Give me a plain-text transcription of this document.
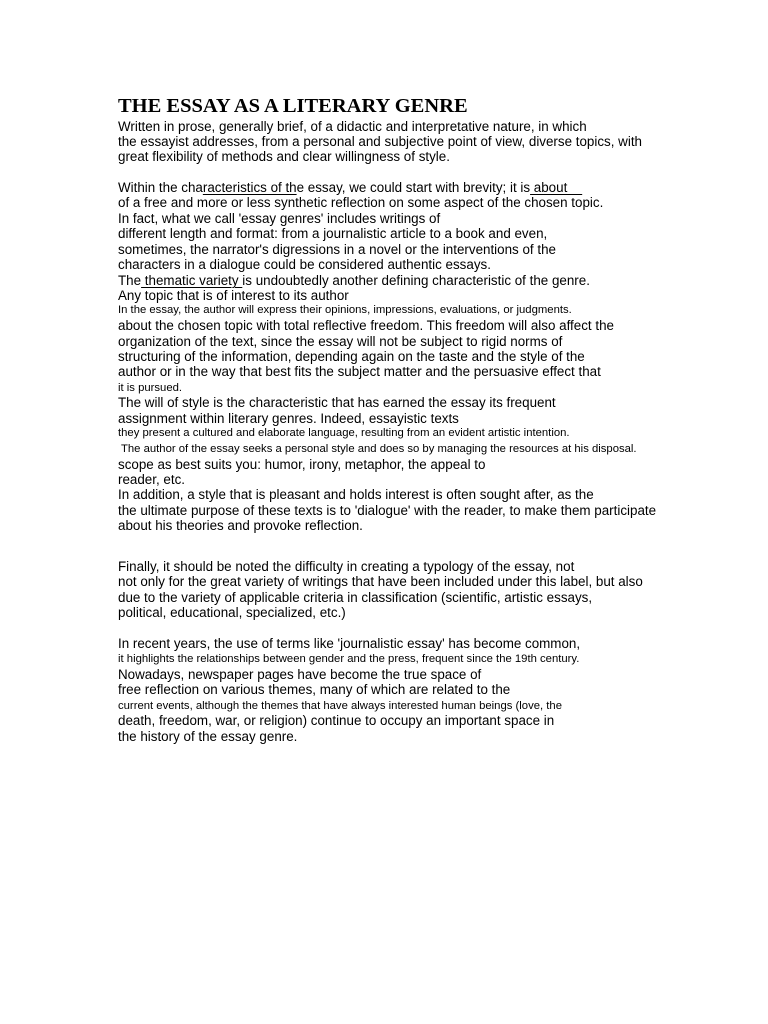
THE ESSAY AS A LITERARY GENRE
Written in prose, generally brief, of a didactic and interpretative nature, in which
the essayist addresses, from a personal and subjective point of view, diverse topics, with
great flexibility of methods and clear willingness of style.
Within the characteristics of the essay, we could start with brevity; it is about
of a free and more or less synthetic reflection on some aspect of the chosen topic.
In fact, what we call 'essay genres' includes writings of
different length and format: from a journalistic article to a book and even,
sometimes, the narrator's digressions in a novel or the interventions of the
characters in a dialogue could be considered authentic essays.
The thematic variety is undoubtedly another defining characteristic of the genre.
Any topic that is of interest to its author
In the essay, the author will express their opinions, impressions, evaluations, or judgments.
about the chosen topic with total reflective freedom. This freedom will also affect the
organization of the text, since the essay will not be subject to rigid norms of
structuring of the information, depending again on the taste and the style of the
author or in the way that best fits the subject matter and the persuasive effect that
it is pursued.
The will of style is the characteristic that has earned the essay its frequent
assignment within literary genres. Indeed, essayistic texts
they present a cultured and elaborate language, resulting from an evident artistic intention.
The author of the essay seeks a personal style and does so by managing the resources at his disposal.
scope as best suits you: humor, irony, metaphor, the appeal to
reader, etc.
In addition, a style that is pleasant and holds interest is often sought after, as the
the ultimate purpose of these texts is to 'dialogue' with the reader, to make them participate
about his theories and provoke reflection.
Finally, it should be noted the difficulty in creating a typology of the essay, not
not only for the great variety of writings that have been included under this label, but also
due to the variety of applicable criteria in classification (scientific, artistic essays,
political, educational, specialized, etc.)
In recent years, the use of terms like 'journalistic essay' has become common,
it highlights the relationships between gender and the press, frequent since the 19th century.
Nowadays, newspaper pages have become the true space of
free reflection on various themes, many of which are related to the
current events, although the themes that have always interested human beings (love, the
death, freedom, war, or religion) continue to occupy an important space in
the history of the essay genre.
